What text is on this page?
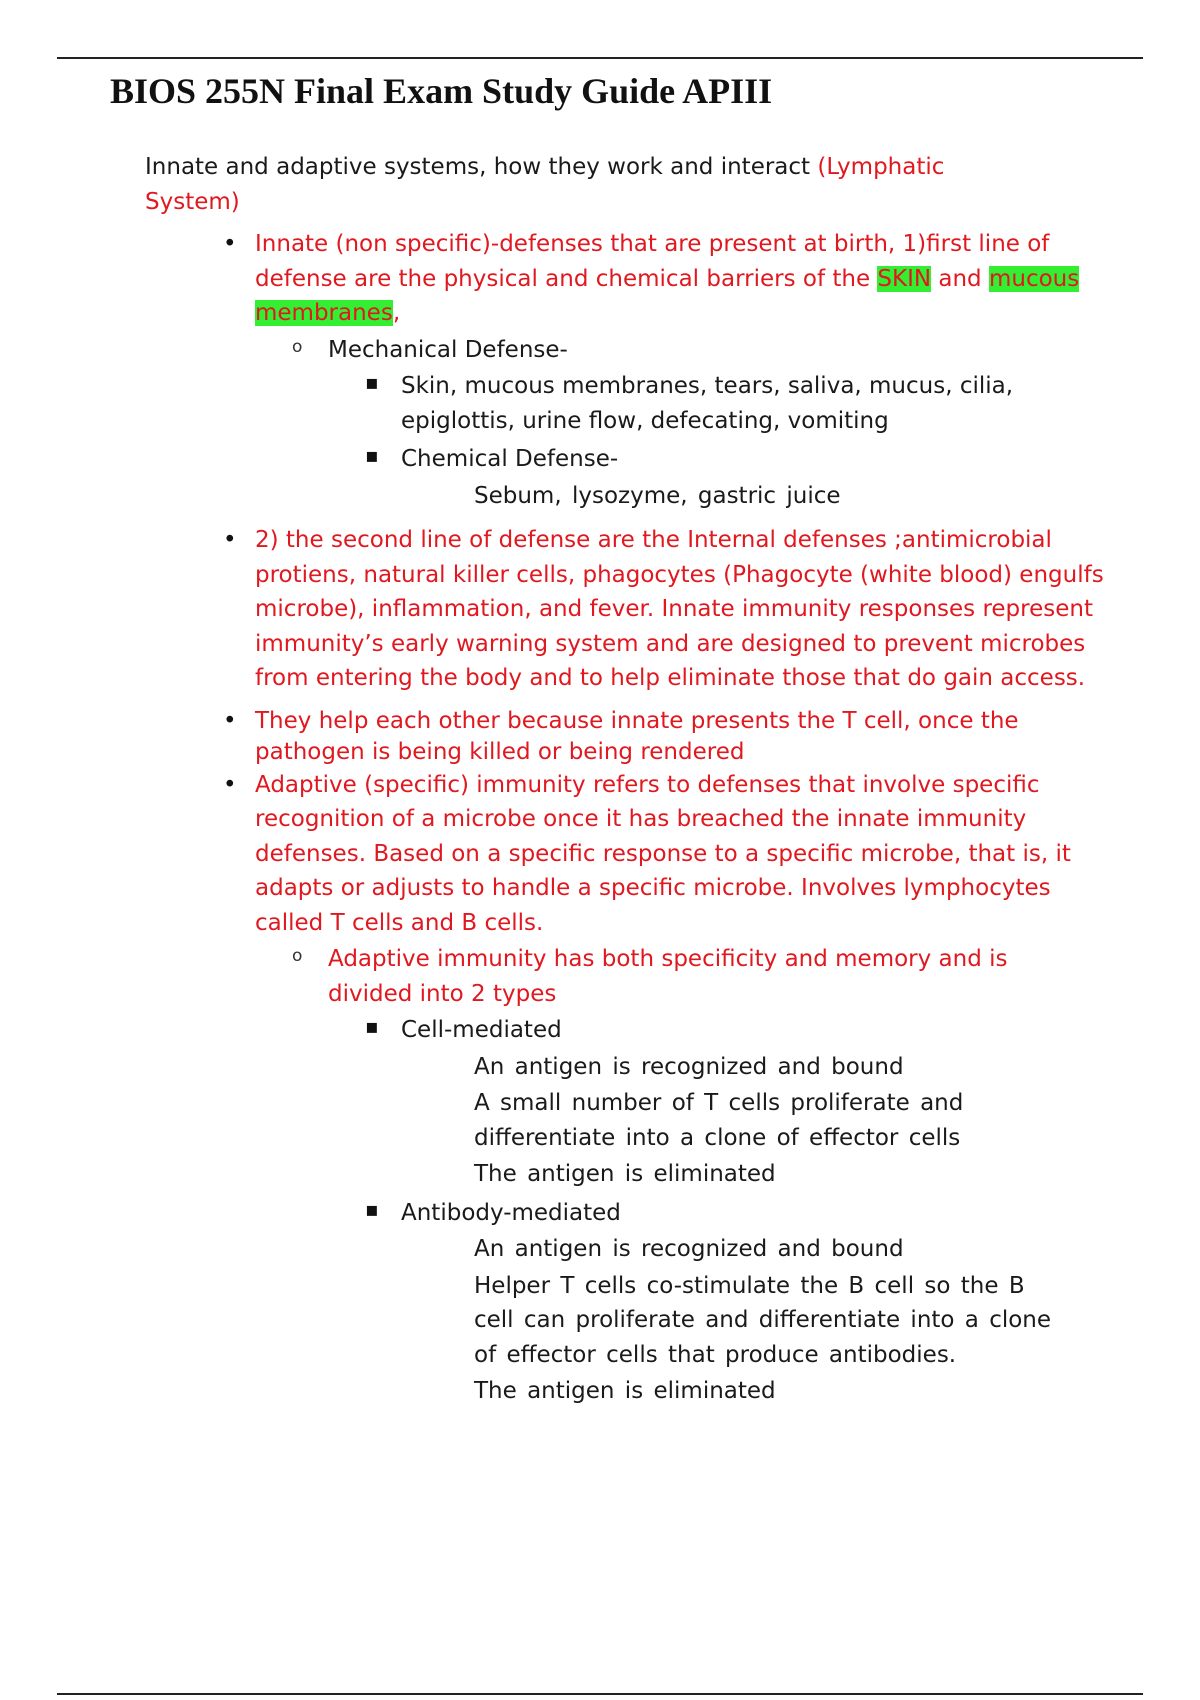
BIOS 255N Final Exam Study Guide APIII

Innate and adaptive systems, how they work and interact (Lymphatic System)

• Innate (non specific)-defenses that are present at birth, 1)first line of defense are the physical and chemical barriers of the SKIN and mucous membranes,
o Mechanical Defense-
▪ Skin, mucous membranes, tears, saliva, mucus, cilia, epiglottis, urine flow, defecating, vomiting
▪ Chemical Defense-
Sebum, lysozyme, gastric juice
• 2) the second line of defense are the Internal defenses ;antimicrobial protiens, natural killer cells, phagocytes (Phagocyte (white blood) engulfs microbe), inflammation, and fever. Innate immunity responses represent immunity’s early warning system and are designed to prevent microbes from entering the body and to help eliminate those that do gain access.
• They help each other because innate presents the T cell, once the pathogen is being killed or being rendered
• Adaptive (specific) immunity refers to defenses that involve specific recognition of a microbe once it has breached the innate immunity defenses. Based on a specific response to a specific microbe, that is, it adapts or adjusts to handle a specific microbe. Involves lymphocytes called T cells and B cells.
o Adaptive immunity has both specificity and memory and is divided into 2 types
▪ Cell-mediated
An antigen is recognized and bound
A small number of T cells proliferate and differentiate into a clone of effector cells
The antigen is eliminated
▪ Antibody-mediated
An antigen is recognized and bound
Helper T cells co-stimulate the B cell so the B cell can proliferate and differentiate into a clone of effector cells that produce antibodies.
The antigen is eliminated
